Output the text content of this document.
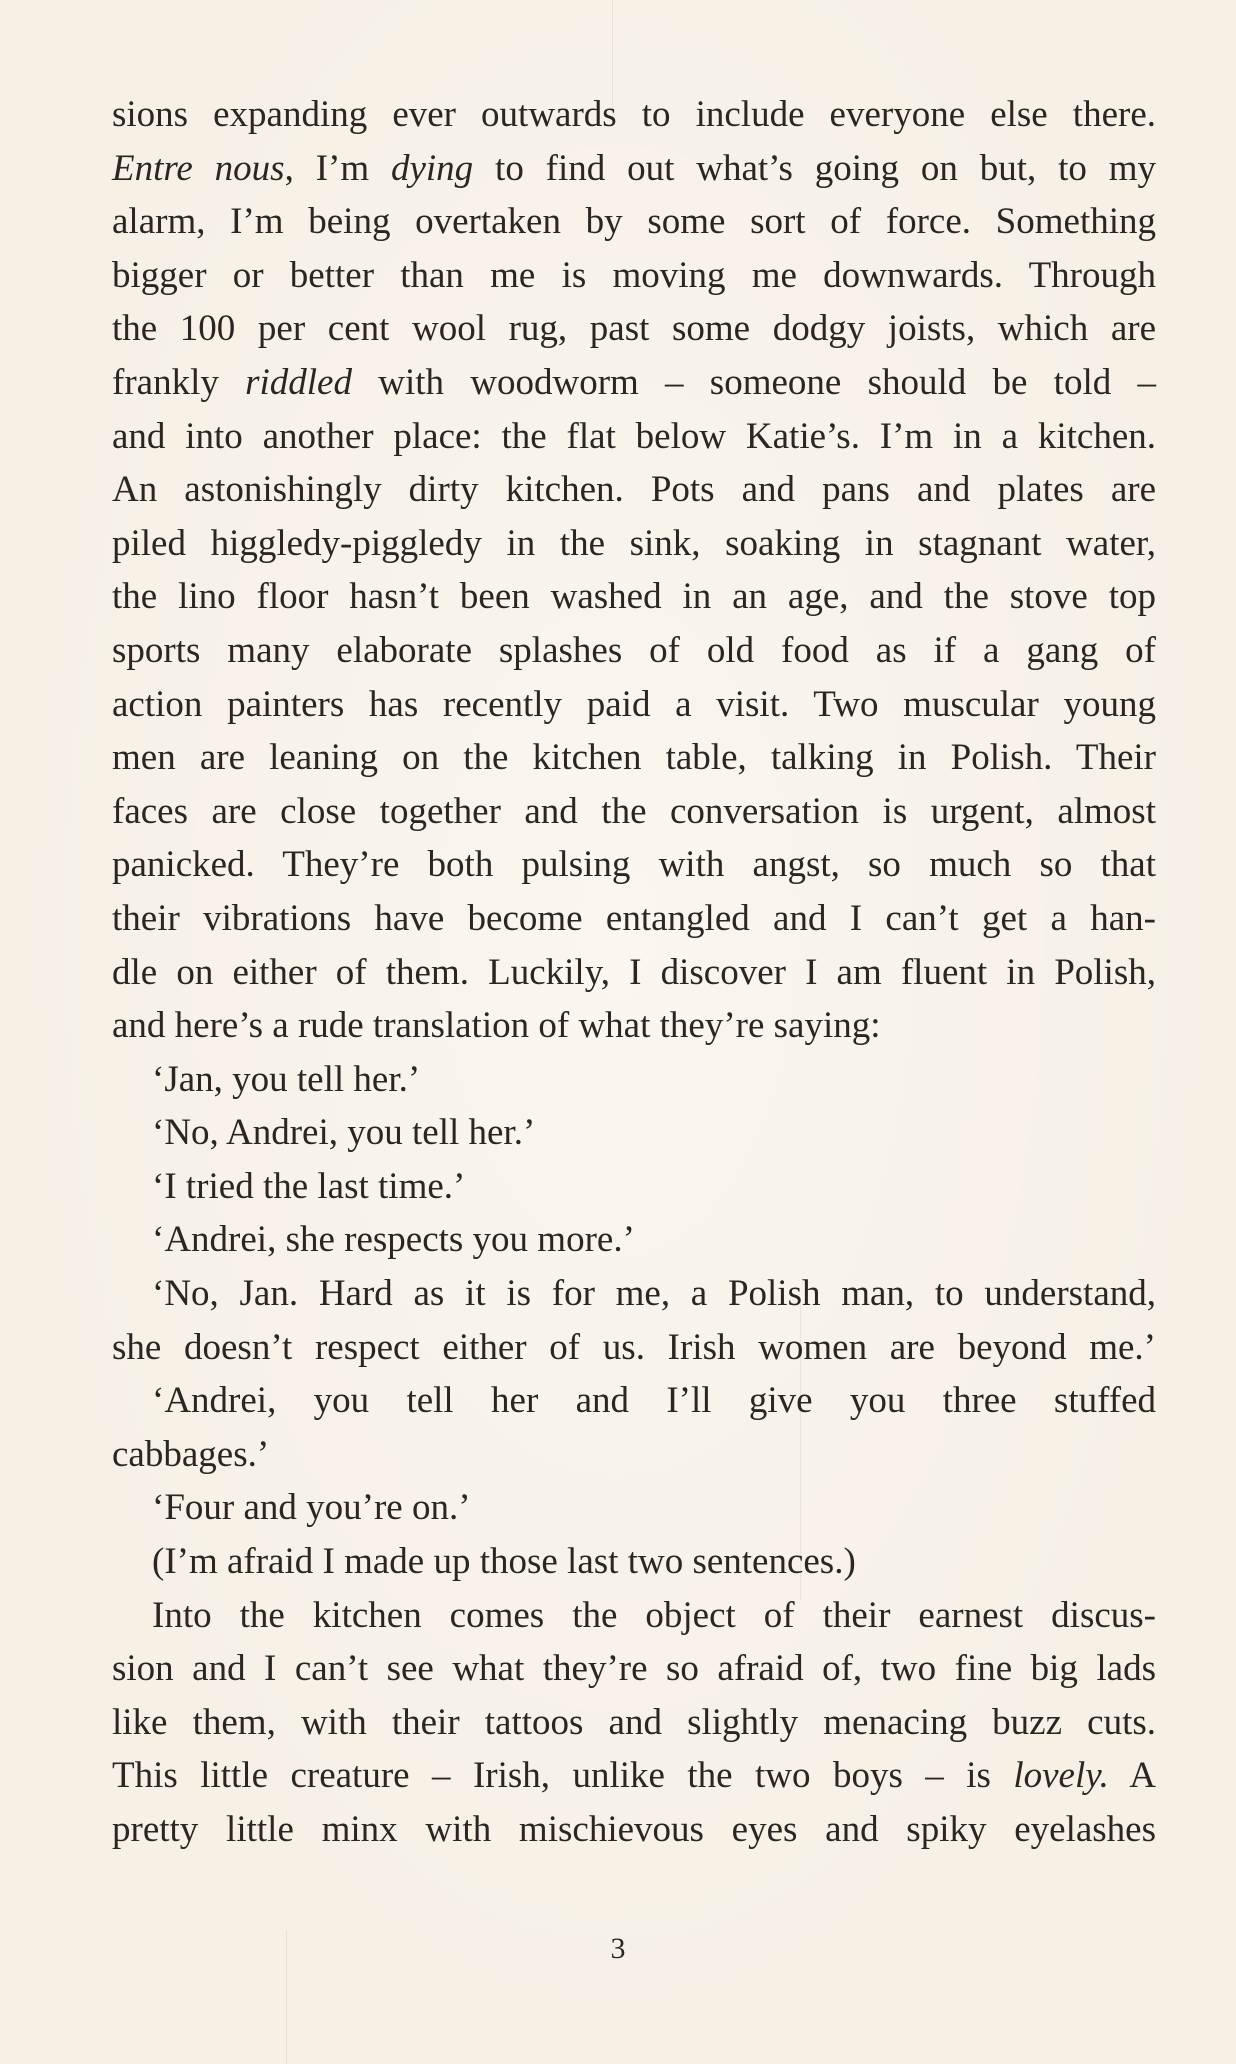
sions expanding ever outwards to include everyone else there.
Entre nous, I’m dying to find out what’s going on but, to my
alarm, I’m being overtaken by some sort of force. Something
bigger or better than me is moving me downwards. Through
the 100 per cent wool rug, past some dodgy joists, which are
frankly riddled with woodworm – someone should be told –
and into another place: the flat below Katie’s. I’m in a kitchen.
An astonishingly dirty kitchen. Pots and pans and plates are
piled higgledy-piggledy in the sink, soaking in stagnant water,
the lino floor hasn’t been washed in an age, and the stove top
sports many elaborate splashes of old food as if a gang of
action painters has recently paid a visit. Two muscular young
men are leaning on the kitchen table, talking in Polish. Their
faces are close together and the conversation is urgent, almost
panicked. They’re both pulsing with angst, so much so that
their vibrations have become entangled and I can’t get a han-
dle on either of them. Luckily, I discover I am fluent in Polish,
and here’s a rude translation of what they’re saying:
‘Jan, you tell her.’
‘No, Andrei, you tell her.’
‘I tried the last time.’
‘Andrei, she respects you more.’
‘No, Jan. Hard as it is for me, a Polish man, to understand,
she doesn’t respect either of us. Irish women are beyond me.’
‘Andrei, you tell her and I’ll give you three stuffed
cabbages.’
‘Four and you’re on.’
(I’m afraid I made up those last two sentences.)
Into the kitchen comes the object of their earnest discus-
sion and I can’t see what they’re so afraid of, two fine big lads
like them, with their tattoos and slightly menacing buzz cuts.
This little creature – Irish, unlike the two boys – is lovely. A
pretty little minx with mischievous eyes and spiky eyelashes
3
